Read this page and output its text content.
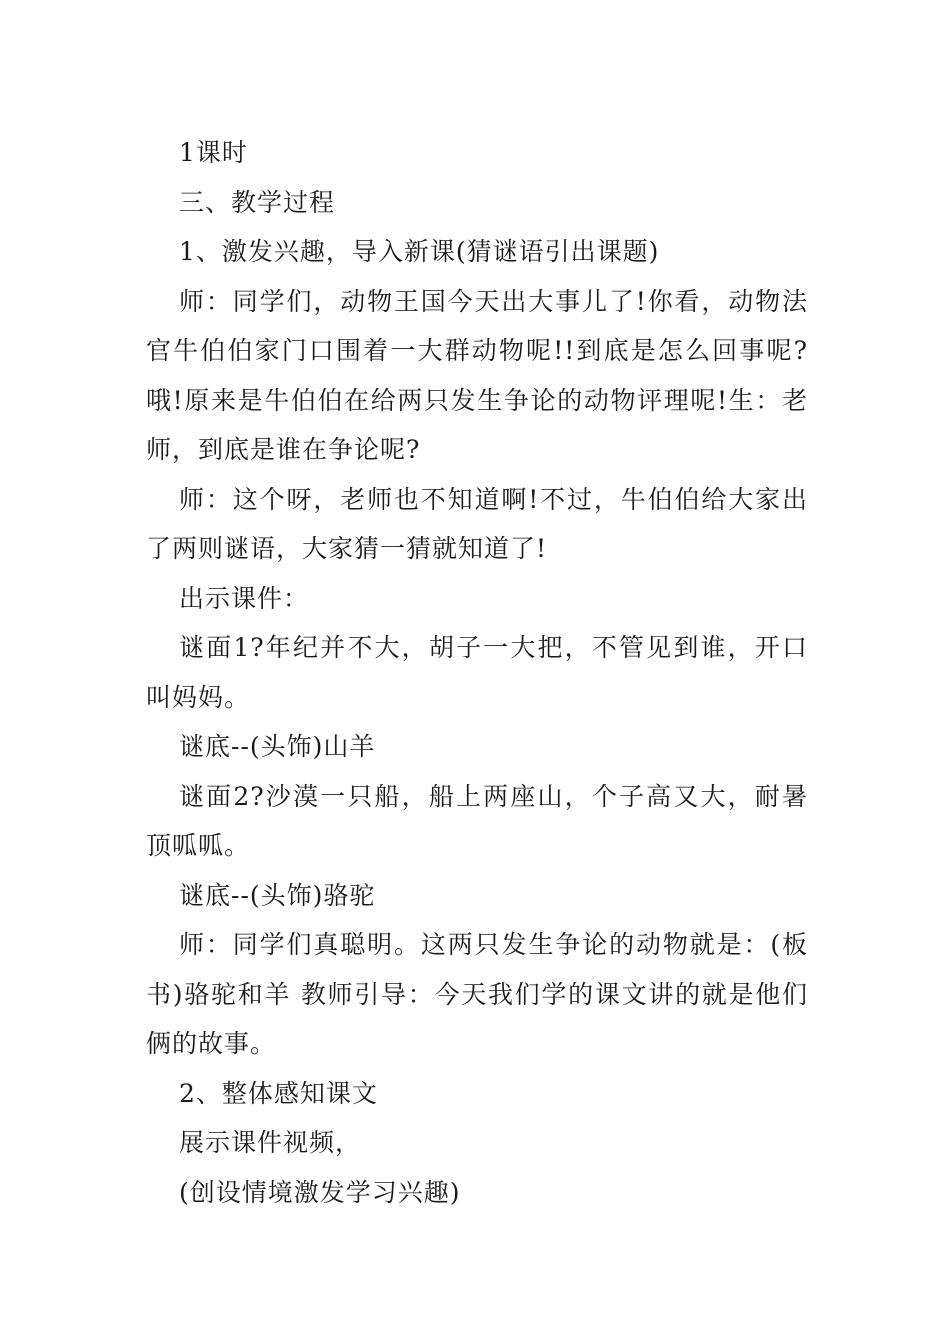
1课时

三、教学过程

1、激发兴趣，导入新课(猜谜语引出课题)

师：同学们，动物王国今天出大事儿了!你看，动物法官牛伯伯家门口围着一大群动物呢!!到底是怎么回事呢?哦!原来是牛伯伯在给两只发生争论的动物评理呢!生：老师，到底是谁在争论呢?

师：这个呀，老师也不知道啊!不过，牛伯伯给大家出了两则谜语，大家猜一猜就知道了!

出示课件：

谜面1?年纪并不大，胡子一大把，不管见到谁，开口叫妈妈。

谜底--(头饰)山羊

谜面2?沙漠一只船，船上两座山，个子高又大，耐暑顶呱呱。

谜底--(头饰)骆驼

师：同学们真聪明。这两只发生争论的动物就是：(板书)骆驼和羊 教师引导：今天我们学的课文讲的就是他们俩的故事。

2、整体感知课文

展示课件视频，

(创设情境激发学习兴趣)
